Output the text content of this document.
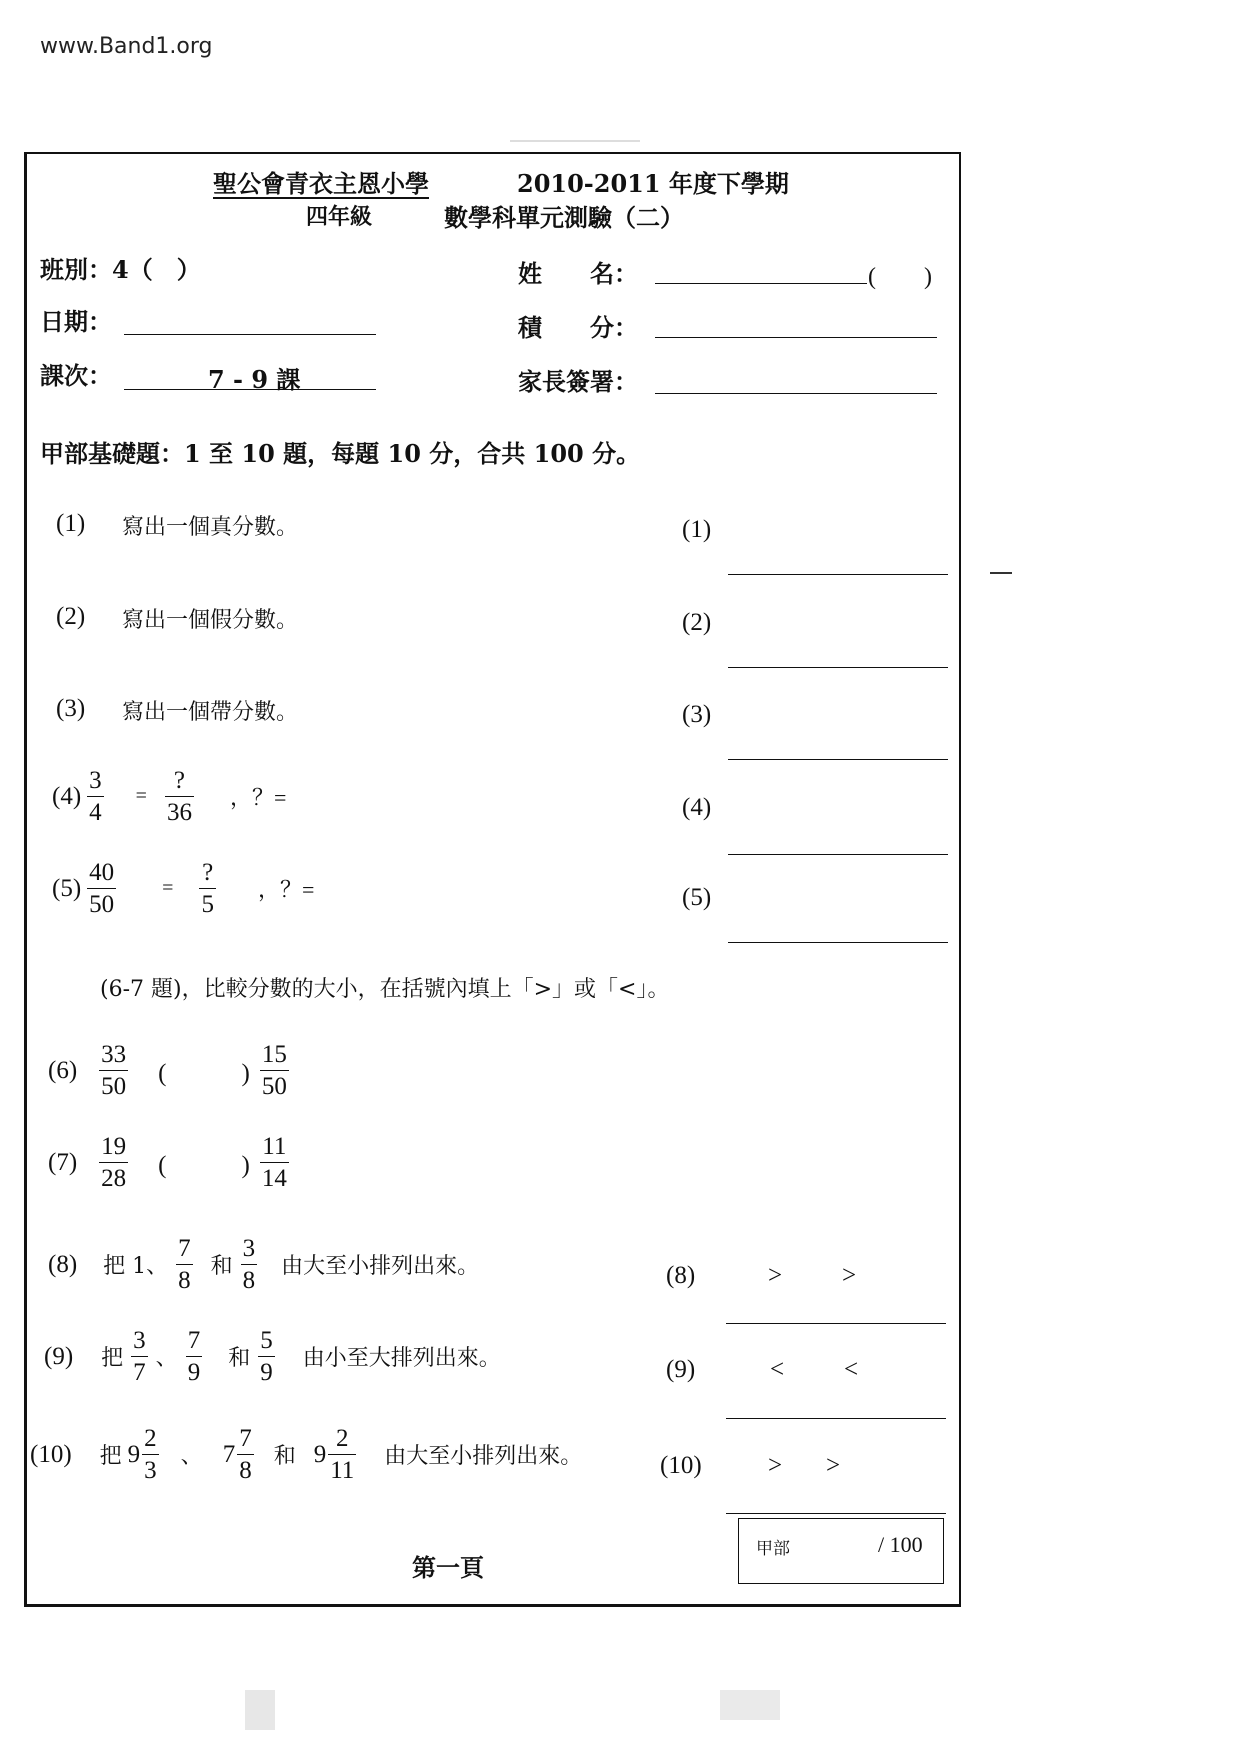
www.Band1.org
聖公會青衣主恩小學	2010-2011 年度下學期
四年級	數學科單元測驗（二）
班別：4（　）	姓　　名：	(　　)
日期：	積　　分：
課次：	7 - 9 課	家長簽署：
甲部基礎題：1 至 10 題，每題 10 分，合共 100 分。
(1) 寫出一個真分數。	(1)
(2) 寫出一個假分數。	(2)
(3) 寫出一個帶分數。	(3)
$(4) \frac{3}{4} = \frac{?}{36}$ ，？=	(4)
$(5) \frac{40}{50} = \frac{?}{5}$ ，？=	(5)
(6-7 題)，比較分數的大小，在括號內填上「>」或「<」。
$(6) \frac{33}{50}$ (　　　) $\frac{15}{50}$
$(7) \frac{19}{28}$ (　　　) $\frac{11}{14}$
(8) 把 1、 $\frac{7}{8}$ 和 $\frac{3}{8}$ 由大至小排列出來。	(8)	> >
(9) 把 $\frac{3}{7}$ 、 $\frac{7}{9}$ 和 $\frac{5}{9}$ 由小至大排列出來。	(9)	< <
(10) 把 $9 \frac{2}{3}$ 、 $7 \frac{7}{8}$ 和 $9 \frac{2}{11}$ 由大至小排列出來。	(10)	> >
第一頁
甲部	/ 100
